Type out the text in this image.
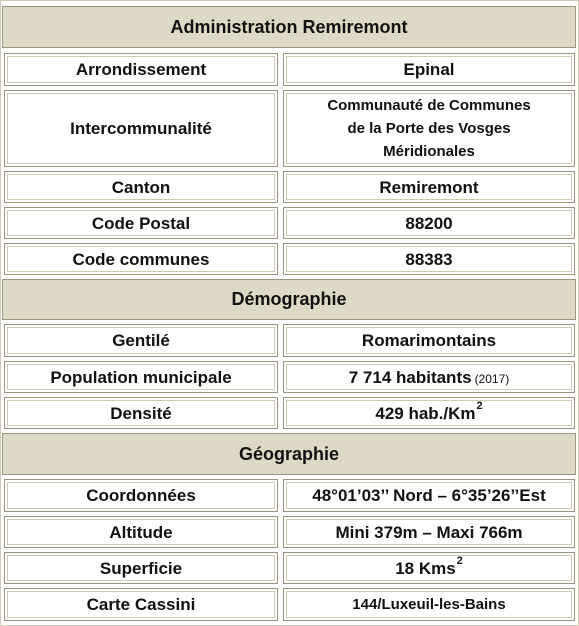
Administration Remiremont
Arrondissement	Epinal
Intercommunalité
Communauté de Communes
de la Porte des Vosges
Méridionales
Canton	Remiremont
Code Postal	88200
Code communes	88383
Démographie
Gentilé	Romarimontains
Population municipale	7 714 habitants (2017)
Densité	429 hab./Km 2
Géographie
Coordonnées	48°01’03’’ Nord – 6°35’26’’Est
Altitude	Mini 379m – Maxi 766m
Superficie	18 Kms 2
Carte Cassini	144/Luxeuil-les-Bains
